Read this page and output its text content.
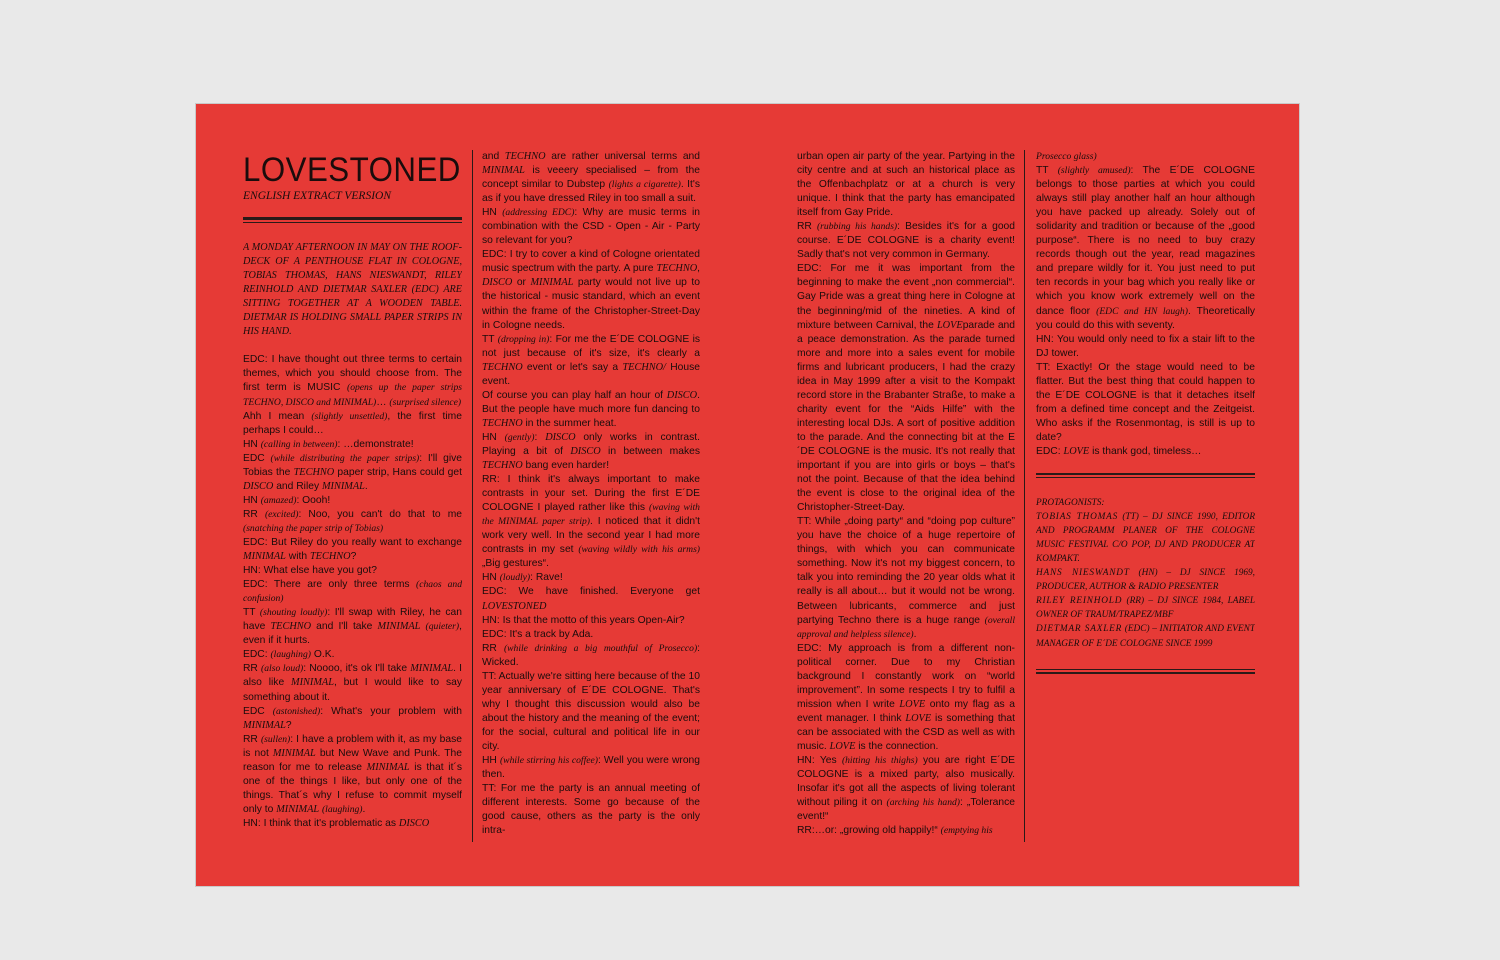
LOVESTONED
ENGLISH EXTRACT VERSION
A MONDAY AFTERNOON IN MAY ON THE ROOF-DECK OF A PENTHOUSE FLAT IN COLOGNE, TOBIAS THOMAS, HANS NIESWANDT, RILEY REINHOLD AND DIETMAR SAXLER (EDC) ARE SITTING TOGETHER AT A WOODEN TABLE. DIETMAR IS HOLDING SMALL PAPER STRIPS IN HIS HAND.

EDC: I have thought out three terms to certain themes, which you should choose from. The first term is MUSIC (opens up the paper strips TECHNO, DISCO and MINIMAL)… (surprised silence)

Ahh I mean (slightly unsettled), the first time perhaps I could…

HN (calling in between): …demonstrate!

EDC (while distributing the paper strips): I'll give Tobias the TECHNO paper strip, Hans could get DISCO and Riley MINIMAL.

HN (amazed): Oooh!

RR (excited): Noo, you can't do that to me (snatching the paper strip of Tobias)

EDC: But Riley do you really want to exchange MINIMAL with TECHNO?

HN: What else have you got?

EDC: There are only three terms (chaos and confusion)

TT (shouting loudly): I'll swap with Riley, he can have TECHNO and I'll take MINIMAL (quieter), even if it hurts.

EDC: (laughing) O.K.

RR (also loud): Noooo, it's ok I'll take MINIMAL. I also like MINIMAL, but I would like to say something about it.

EDC (astonished): What's your problem with MINIMAL?

RR (sullen): I have a problem with it, as my base is not MINIMAL but New Wave and Punk. The reason for me to release MINIMAL is that it´s one of the things I like, but only one of the things. That´s why I refuse to commit myself only to MINIMAL (laughing).

HN: I think that it's problematic as DISCO

and TECHNO are rather universal terms and MINIMAL is veeery specialised – from the concept similar to Dubstep (lights a cigarette). It's as if you have dressed Riley in too small a suit.

HN (addressing EDC): Why are music terms in combination with the CSD - Open - Air - Party so relevant for you?

EDC: I try to cover a kind of Cologne orientated music spectrum with the party. A pure TECHNO, DISCO or MINIMAL party would not live up to the historical - music standard, which an event within the frame of the Christopher-Street-Day in Cologne needs.

TT (dropping in): For me the E´DE COLOGNE is not just because of it's size, it's clearly a TECHNO event or let's say a TECHNO/ House event.

Of course you can play half an hour of DISCO. But the people have much more fun dancing to TECHNO in the summer heat.

HN (gently): DISCO only works in contrast. Playing a bit of DISCO in between makes TECHNO bang even harder!

RR: I think it's always important to make contrasts in your set. During the first E´DE COLOGNE I played rather like this (waving with the MINIMAL paper strip). I noticed that it didn't work very well. In the second year I had more contrasts in my set (waving wildly with his arms) „Big gestures“.

HN (loudly): Rave!

EDC: We have finished. Everyone get LOVESTONED

HN: Is that the motto of this years Open-Air?

EDC: It's a track by Ada.

RR (while drinking a big mouthful of Prosecco): Wicked.

TT: Actually we're sitting here because of the 10 year anniversary of E´DE COLOGNE. That's why I thought this discussion would also be about the history and the meaning of the event; for the social, cultural and political life in our city.

HH (while stirring his coffee): Well you were wrong then.

TT: For me the party is an annual meeting of different interests. Some go because of the good cause, others as the party is the only intra-

urban open air party of the year. Partying in the city centre and at such an historical place as the Offenbachplatz or at a church is very unique. I think that the party has emancipated itself from Gay Pride.

RR (rubbing his hands): Besides it's for a good course. E´DE COLOGNE is a charity event! Sadly that's not very common in Germany.

EDC: For me it was important from the beginning to make the event „non commercial“. Gay Pride was a great thing here in Cologne at the beginning/mid of the nineties. A kind of mixture between Carnival, the LOVEparade and a peace demonstration. As the parade turned more and more into a sales event for mobile firms and lubricant producers, I had the crazy idea in May 1999 after a visit to the Kompakt record store in the Brabanter Straße, to make a charity event for the “Aids Hilfe” with the interesting local DJs. A sort of positive addition to the parade. And the connecting bit at the E´DE COLOGNE is the music. It's not really that important if you are into girls or boys – that's not the point. Because of that the idea behind the event is close to the original idea of the Christopher-Street-Day.

TT: While „doing party“ and “doing pop culture” you have the choice of a huge repertoire of things, with which you can communicate something. Now it's not my biggest concern, to talk you into reminding the 20 year olds what it really is all about… but it would not be wrong. Between lubricants, commerce and just partying Techno there is a huge range (overall approval and helpless silence).

EDC: My approach is from a different non-political corner. Due to my Christian background I constantly work on “world improvement”. In some respects I try to fulfil a mission when I write LOVE onto my flag as a event manager. I think LOVE is something that can be associated with the CSD as well as with music. LOVE is the connection.

HN: Yes (hitting his thighs) you are right E´DE COLOGNE is a mixed party, also musically. Insofar it's got all the aspects of living tolerant without piling it on (arching his hand): „Tolerance event!“

RR:…or: „growing old happily!“ (emptying his

Prosecco glass)

TT (slightly amused): The E´DE COLOGNE belongs to those parties at which you could always still play another half an hour although you have packed up already. Solely out of solidarity and tradition or because of the „good purpose“. There is no need to buy crazy records though out the year, read magazines and prepare wildly for it. You just need to put ten records in your bag which you really like or which you know work extremely well on the dance floor (EDC and HN laugh). Theoretically you could do this with seventy.

HN: You would only need to fix a stair lift to the DJ tower.

TT: Exactly! Or the stage would need to be flatter. But the best thing that could happen to the E´DE COLOGNE is that it detaches itself from a defined time concept and the Zeitgeist. Who asks if the Rosenmontag, is still is up to date?

EDC: LOVE is thank god, timeless…

PROTAGONISTS:

TOBIAS THOMAS (TT) – DJ SINCE 1990, EDITOR AND PROGRAMM PLANER OF THE COLOGNE MUSIC FESTIVAL C/O POP, DJ AND PRODUCER AT KOMPAKT.

HANS NIESWANDT (HN) – DJ SINCE 1969, PRODUCER, AUTHOR & RADIO PRESENTER

RILEY REINHOLD (RR) – DJ SINCE 1984, LABEL OWNER OF TRAUM/TRAPEZ/MBF

DIETMAR SAXLER (EDC) – INITIATOR AND EVENT MANAGER OF E´DE COLOGNE SINCE 1999
